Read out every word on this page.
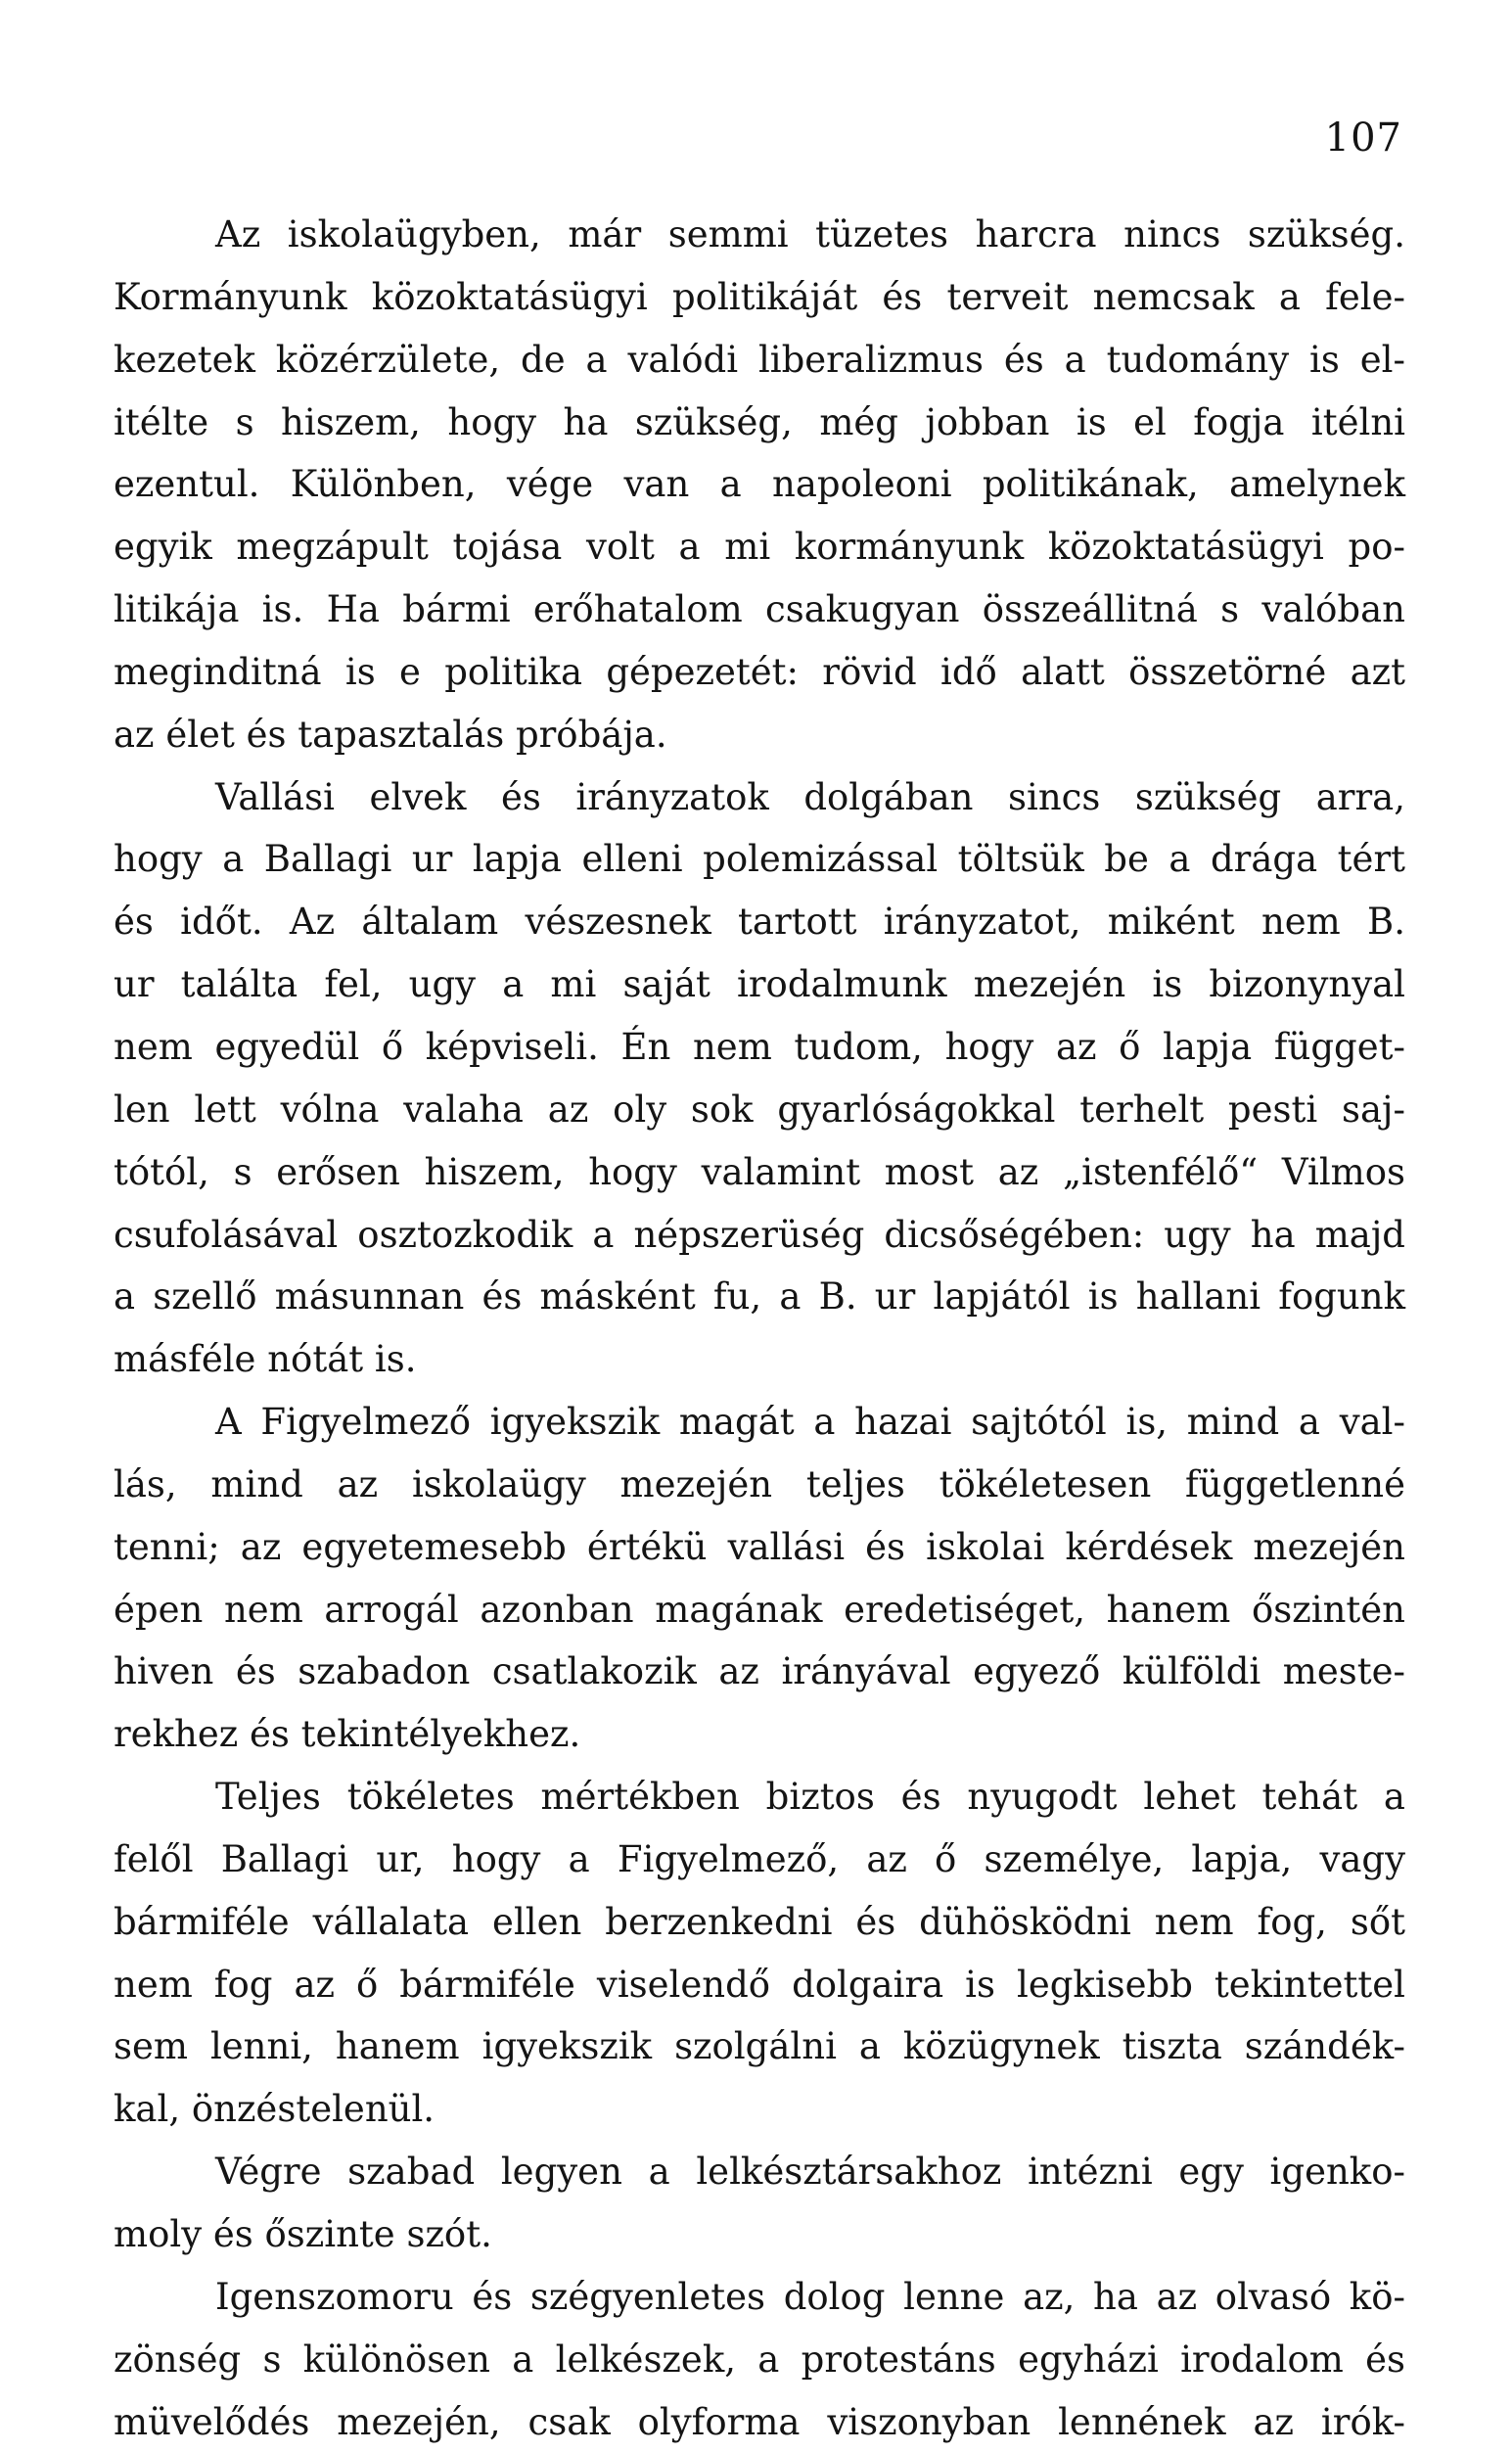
107
Az iskolaügyben, már semmi tüzetes harcra nincs szükség.
Kormányunk közoktatásügyi politikáját és terveit nemcsak a fele-
kezetek közérzülete, de a valódi liberalizmus és a tudomány is el-
itélte s hiszem, hogy ha szükség, még jobban is el fogja itélni
ezentul. Különben, vége van a napoleoni politikának, amelynek
egyik megzápult tojása volt a mi kormányunk közoktatásügyi po-
litikája is. Ha bármi erőhatalom csakugyan összeállitná s valóban
meginditná is e politika gépezetét: rövid idő alatt összetörné azt
az élet és tapasztalás próbája.
Vallási elvek és irányzatok dolgában sincs szükség arra,
hogy a Ballagi ur lapja elleni polemizással töltsük be a drága tért
és időt. Az általam vészesnek tartott irányzatot, miként nem B.
ur találta fel, ugy a mi saját irodalmunk mezején is bizonynyal
nem egyedül ő képviseli. Én nem tudom, hogy az ő lapja függet-
len lett vólna valaha az oly sok gyarlóságokkal terhelt pesti saj-
tótól, s erősen hiszem, hogy valamint most az „istenfélő“ Vilmos
csufolásával osztozkodik a népszerüség dicsőségében: ugy ha majd
a szellő másunnan és másként fu, a B. ur lapjától is hallani fogunk
másféle nótát is.
A Figyelmező igyekszik magát a hazai sajtótól is, mind a val-
lás, mind az iskolaügy mezején teljes tökéletesen függetlenné
tenni; az egyetemesebb értékü vallási és iskolai kérdések mezején
épen nem arrogál azonban magának eredetiséget, hanem őszintén
hiven és szabadon csatlakozik az irányával egyező külföldi meste-
rekhez és tekintélyekhez.
Teljes tökéletes mértékben biztos és nyugodt lehet tehát a
felől Ballagi ur, hogy a Figyelmező, az ő személye, lapja, vagy
bármiféle vállalata ellen berzenkedni és dühösködni nem fog, sőt
nem fog az ő bármiféle viselendő dolgaira is legkisebb tekintettel
sem lenni, hanem igyekszik szolgálni a közügynek tiszta szándék-
kal, önzéstelenül.
Végre szabad legyen a lelkésztársakhoz intézni egy igenko-
moly és őszinte szót.
Igenszomoru és szégyenletes dolog lenne az, ha az olvasó kö-
zönség s különösen a lelkészek, a protestáns egyházi irodalom és
müvelődés mezején, csak olyforma viszonyban lennének az irók-
